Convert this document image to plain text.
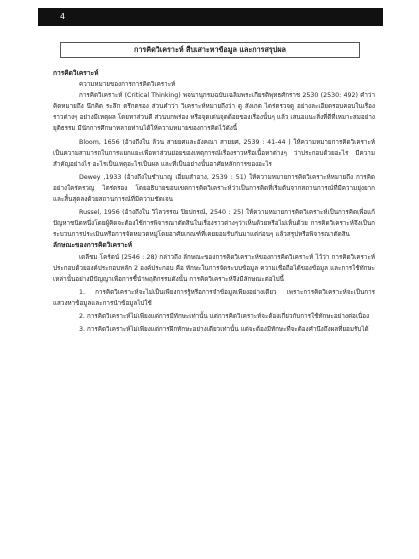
4
การคิดวิเคราะห์ สืบเสาะหาข้อมูล และการสรุปผล

การคิดวิเคราะห์

ความหมายของการการคิดวิเคราะห์

การคิดวิเคราะห์ (Critical Thinking) พจนานุกรมฉบับเฉลิมพระเกียรติพุทธศักราช 2530 (2530: 492) คำว่า คิดหมายถึง นึกคิด ระลึก ตรึกตรอง ส่วนคำว่า วิเคราะห์หมายถึงว่า ดู สังเกต ไตร่ตรวจดู อย่างละเอียดรอบคอบในเรื่องราวต่างๆ อย่างมีเหตุผล โดยหาส่วนดี ส่วนบกพร่อง หรือจุดเด่นจุดด้อยของเรื่องนั้นๆ แล้ว เสนอแนะสิ่งที่ดีที่เหมาะสมอย่างยุติธรรม มีนักการศึกษาหลายท่านได้ให้ความหมายของการคิดไว้ดังนี้

Bloom, 1656 (อ้างถึงใน ล้วน สายยศและอังคณา สายยศ, 2539 : 41-44 ) ให้ความหมายการคิดวิเคราะห์ เป็นความสามารถในการแยกแยะเพื่อหาส่วนย่อยของเหตุการณ์เรื่องราวหรือเนื้อหาต่างๆ ว่าประกอบด้วยอะไร มีความสำคัญอย่างไร อะไรเป็นเหตุอะไรเป็นผล และที่เป็นอย่างนั้นอาศัยหลักการของอะไร

Dewey ,1933 (อ้างถึงในชำนาญ เอี่ยมสำอาง, 2539 : 51) ให้ความหมายการคิดวิเคราะห์หมายถึง การคิดอย่างใคร่ครวญ ไตร่ตรอง โดยอธิบายขอบเขตการคิดวิเคราะห์ว่าเป็นการคิดที่เริ่มต้นจากสถานการณ์ที่มีความยุ่งยาก และสิ้นสุดลงด้วยสถานการณ์ที่มีความชัดเจน

Russel, 1956 (อ้างถึงใน วิไลวรรณ ปิยปกรณ์, 2540 : 25) ให้ความหมายการคิดวิเคราะห์เป็นการคิดเพื่อแก้ปัญหาชนิดหนึ่งโดยผู้คิดจะต้องใช้การพิจารณาตัดสินในเรื่องราวต่างๆว่าเห็นด้วยหรือไม่เห็นด้วย การคิดวิเคราะห์จึงเป็นกระบวนการประเมินหรือการจัดหมวดหมู่โดยอาศัยเกณฑ์ที่เคยยอมรับกันมาแต่ก่อนๆ แล้วสรุปหรือพิจารณาตัดสิน

ลักษณะของการคิดวิเคราะห์

เดลีชม โคร์ดน์ (2546 : 28) กล่าวถึง ลักษณะของการคิดวิเคราะห์ของการคิดวิเคราะห์ ไว้ว่า การคิดวิเคราะห์ประกอบด้วยองค์ประกอบหลัก 2 องค์ประกอบ คือ ทักษะในการจัดระบบข้อมูล ความเชื่อถือได้ของข้อมูล และการใช้ทักษะเหล่านั้นอย่างมีปัญญาเพื่อการชี้นำพฤติกรรมดังนั้น การคิดวิเคราะห์จึงมีลักษณะต่อไปนี้

1. การคิดวิเคราะห์จะไม่เป็นเพียงการรู้หรือการจำข้อมูลเพียงอย่างเดียว เพราะการคิดวิเคราะห์จะเป็นการแสวงหาข้อมูลและการนำข้อมูลไปใช้

2. การคิดวิเคราะห์ไม่เพียงแต่การมีทักษะเท่านั้น แต่การคิดวิเคราะห์จะต้องเกี่ยวกับการใช้ทักษะอย่างต่อเนื่อง

3. การคิดวิเคราะห์ไม่เพียงแต่การฝึกทักษะอย่างเดียวเท่านั้น แต่จะต้องมีทักษะที่จะต้องคำนึงถึงผลที่ยอมรับได้
